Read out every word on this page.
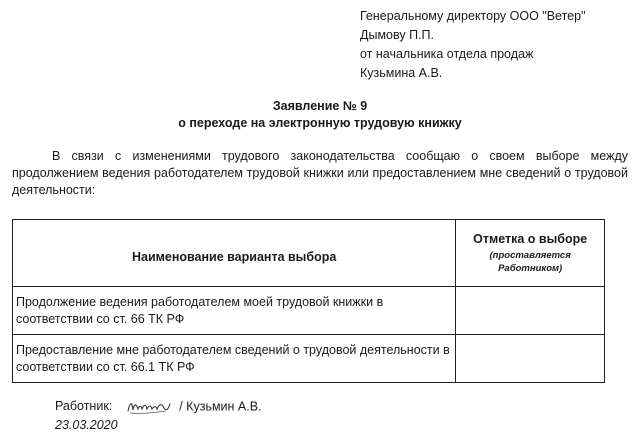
Генеральному директору ООО "Ветер"
Дымову П.П.
от начальника отдела продаж
Кузьмина А.В.
Заявление № 9
о переходе на электронную трудовую книжку
В связи с изменениями трудового законодательства сообщаю о своем выборе между продолжением ведения работодателем трудовой книжки или предоставлением мне сведений о трудовой деятельности:
Наименование варианта выбора	Отметка о выборе
(проставляется Работником)

Продолжение ведения работодателем моей трудовой книжки в соответствии со ст. 66 ТК РФ	
Предоставление мне работодателем сведений о трудовой деятельности в соответствии со ст. 66.1 ТК РФ	
Работник:	/ Кузьмин А.В.
23.03.2020
